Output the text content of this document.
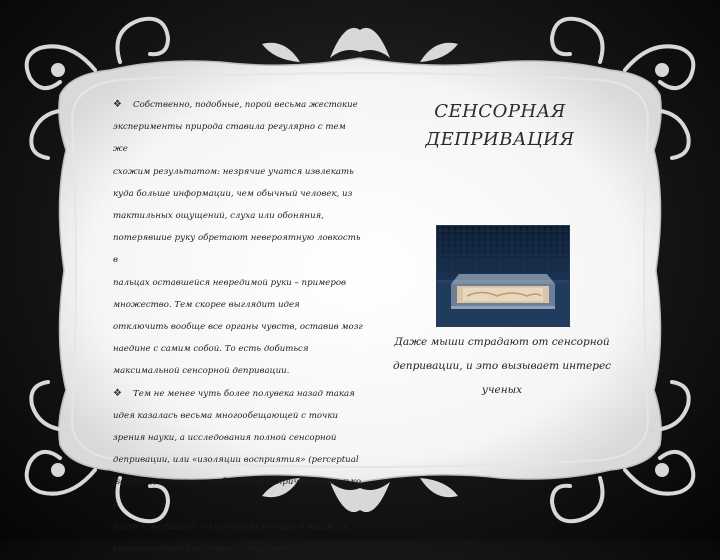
❖ Собственно, подобные, порой весьма жестокие
эксперименты природа ставила регулярно с тем же
схожим результатом: незрячие учатся извлекать
куда больше информации, чем обычный человек, из
тактильных ощущений, слуха или обоняния,
потерявшие руку обретают невероятную ловкость в
пальцах оставшейся невредимой руки – примеров
множество. Тем скорее выглядит идея
отключить вообще все органы чувств, оставив мозг
наедине с самим собой. То есть добиться
максимальной сенсорной депривации.

❖ Тем не менее чуть более полувека назад такая
идея казалась весьма многообещающей с точки
зрения науки, а исследования полной сенсорной
депривации, или «изоляции восприятия» (perceptual
isolation), оставили глубокий след, причем не только в
науке и медицине, но и в поп-культуре, а также в
рекреационной индустрии и maстических учениях.

СЕНСОРНАЯ
ДЕПРИВАЦИЯ
Даже мыши страдают от сенсорной
депривации, и это вызывает интерес
ученых
